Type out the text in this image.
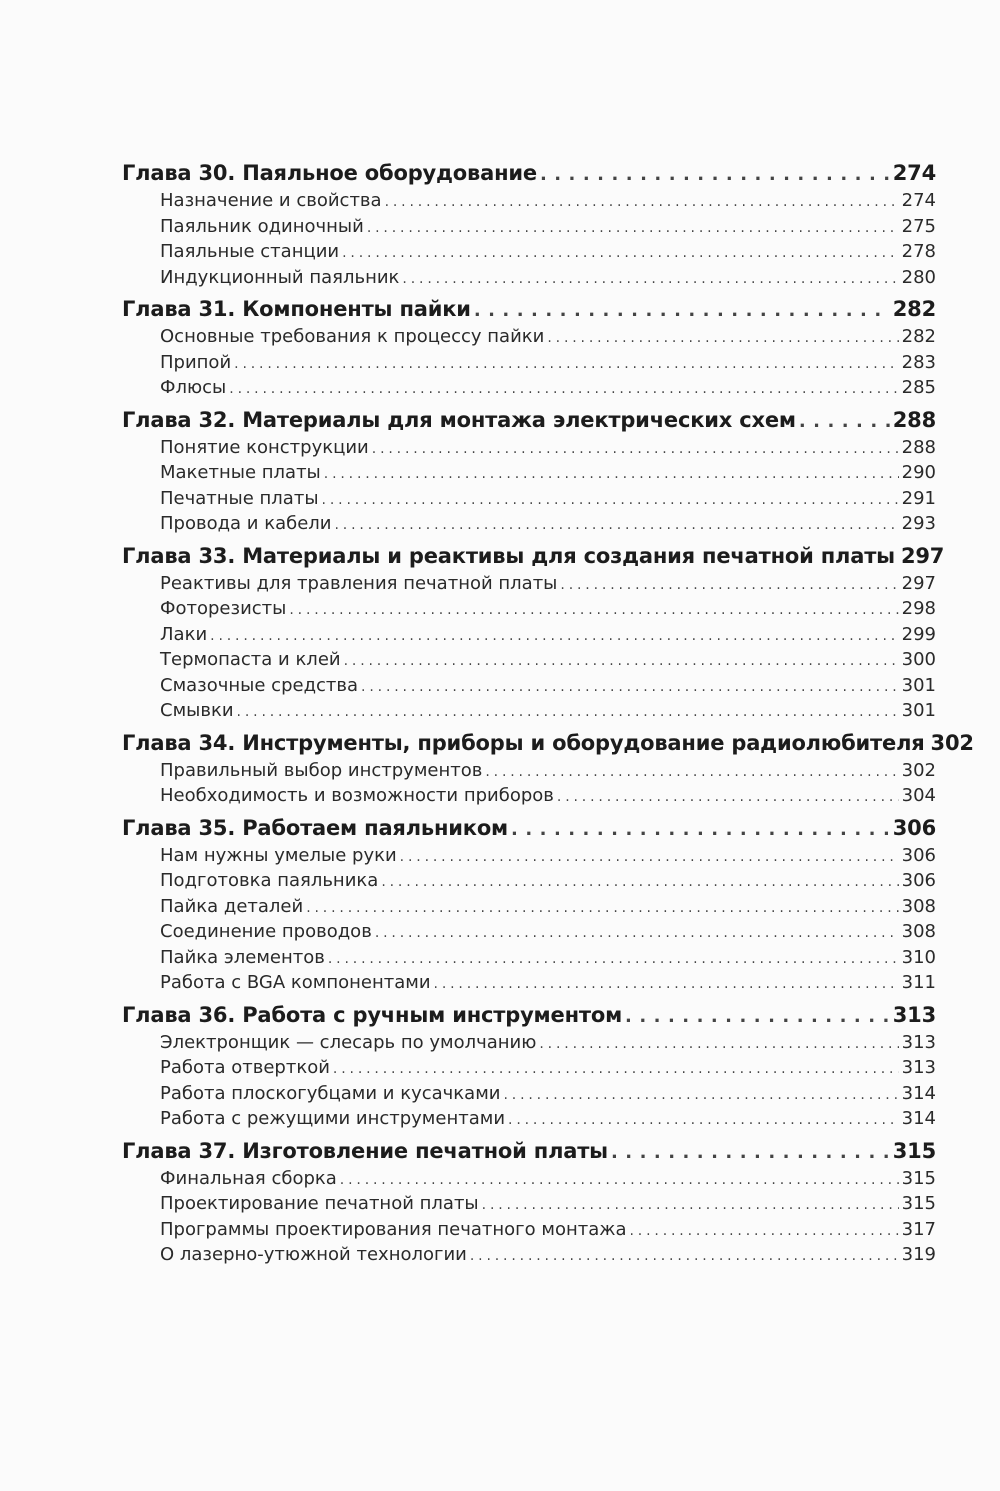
Глава 30. Паяльное оборудование . . .	274
Назначение и свойства . . .	274
Паяльник одиночный . . .	275
Паяльные станции . . .	278
Индукционный паяльник . . .	280
Глава 31. Компоненты пайки . . .	282
Основные требования к процессу пайки . . .	282
Припой . . .	283
Флюсы . . .	285
Глава 32. Материалы для монтажа электрических схем . . .	288
Понятие конструкции . . .	288
Макетные платы . . .	290
Печатные платы . . .	291
Провода и кабели . . .	293
Глава 33. Материалы и реактивы для создания печатной платы 297
Реактивы для травления печатной платы . . .	297
Фоторезисты . . .	298
Лаки . . .	299
Термопаста и клей . . .	300
Смазочные средства . . .	301
Смывки . . .	301
Глава 34. Инструменты, приборы и оборудование радиолюбителя 302
Правильный выбор инструментов . . .	302
Необходимость и возможности приборов . . .	304
Глава 35. Работаем паяльником . . .	306
Нам нужны умелые руки . . .	306
Подготовка паяльника . . .	306
Пайка деталей . . .	308
Соединение проводов . . .	308
Пайка элементов . . .	310
Работа с BGA компонентами . . .	311
Глава 36. Работа с ручным инструментом . . .	313
Электронщик — слесарь по умолчанию . . .	313
Работа отверткой . . .	313
Работа плоскогубцами и кусачками . . .	314
Работа с режущими инструментами . . .	314
Глава 37. Изготовление печатной платы . . .	315
Финальная сборка . . .	315
Проектирование печатной платы . . .	315
Программы проектирования печатного монтажа . . .	317
О лазерно-утюжной технологии . . .	319
